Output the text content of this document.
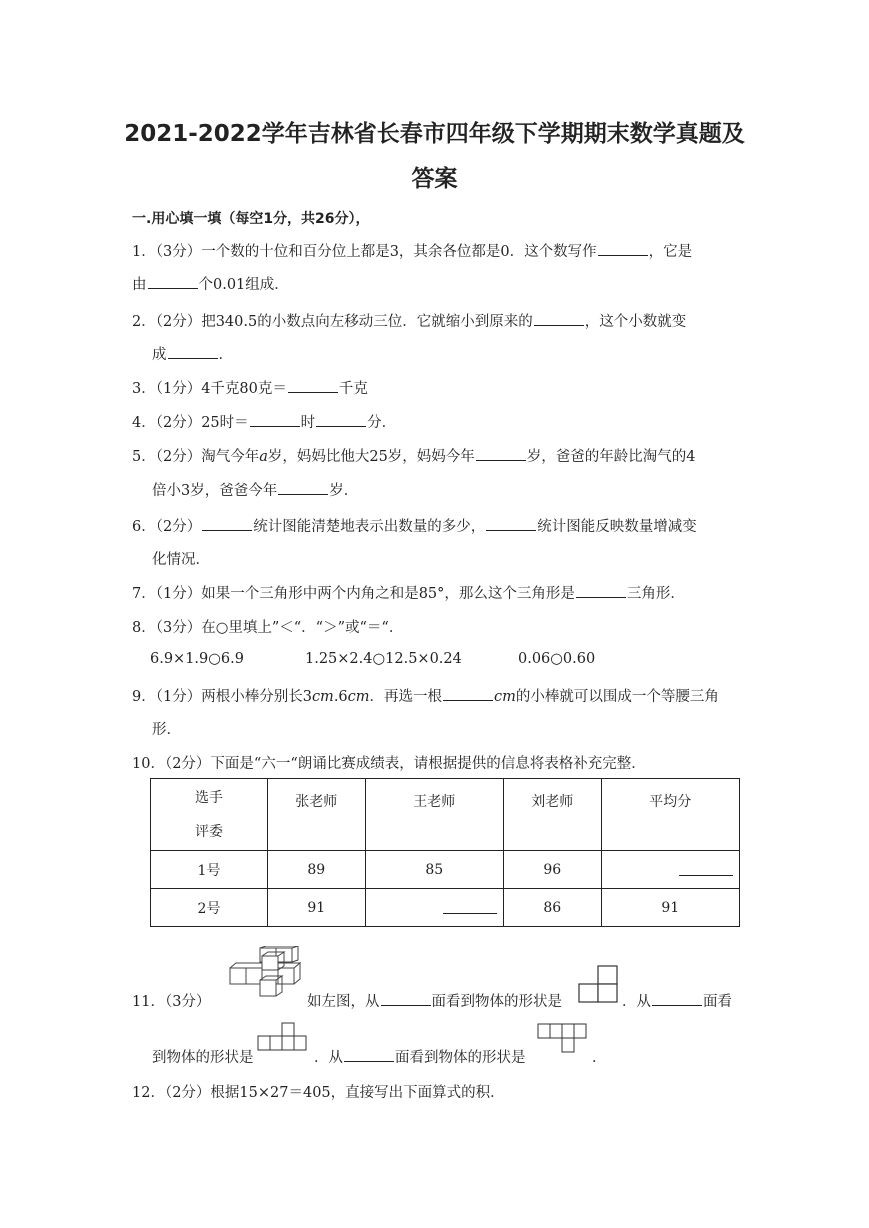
2021-2022学年吉林省长春市四年级下学期期末数学真题及
答案
一.用心填一填（每空1分，共26分），
1．（3分）一个数的十位和百分位上都是3，其余各位都是0．这个数写作	，它是
由	个0.01组成．
2．（2分）把340.5的小数点向左移动三位．它就缩小到原来的	，这个小数就变
成	．
3．（1分）4千克80克＝	千克
4．（2分）25时＝	时	分．
5．（2分）淘气今年a岁，妈妈比他大25岁，妈妈今年	岁，爸爸的年龄比淘气的4
倍小3岁，爸爸今年	岁．
6．（2分）	统计图能清楚地表示出数量的多少，	统计图能反映数量增减变
化情况．
7．（1分）如果一个三角形中两个内角之和是85°，那么这个三角形是	三角形．
8．（3分）在○里填上”＜“．“＞”或“＝“．
6.9×1.9○6.9	1.25×2.4○12.5×0.24	0.06○0.60
9．（1分）两根小棒分别长3cm.6cm．再选一根	cm的小棒就可以围成一个等腰三角
形．
10．（2分）下面是“六一“朗诵比赛成绩表，请根据提供的信息将表格补充完整．
选手
评委	张老师	王老师	刘老师	平均分
1号	89	85	96	
2号	91		86	91
11．（3分）	如左图，从	面看到物体的形状是	．从	面看
到物体的形状是	．从	面看到物体的形状是	．
12．（2分）根据15×27＝405，直接写出下面算式的积．
